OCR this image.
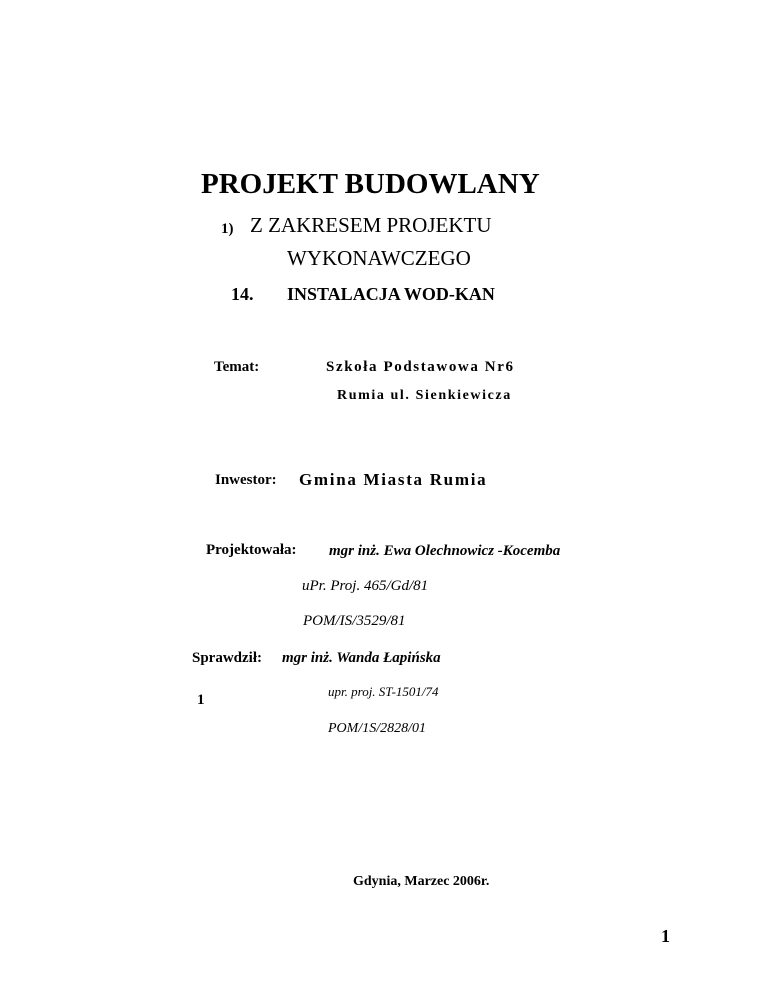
PROJEKT BUDOWLANY
1) Z ZAKRESEM PROJEKTU
WYKONAWCZEGO
14. INSTALACJA WOD-KAN
Temat:	Szkoła Podstawowa Nr6
Rumia ul. Sienkiewicza
Inwestor: Gmina Miasta Rumia
Projektowała: mgr inż. Ewa Olechnowicz -Kocemba
uPr. Proj. 465/Gd/81
POM/IS/3529/81
Sprawdził: mgr inż. Wanda Łapińska
1
upr. proj. ST-1501/74
POM/1S/2828/01
Gdynia, Marzec 2006r.
1
